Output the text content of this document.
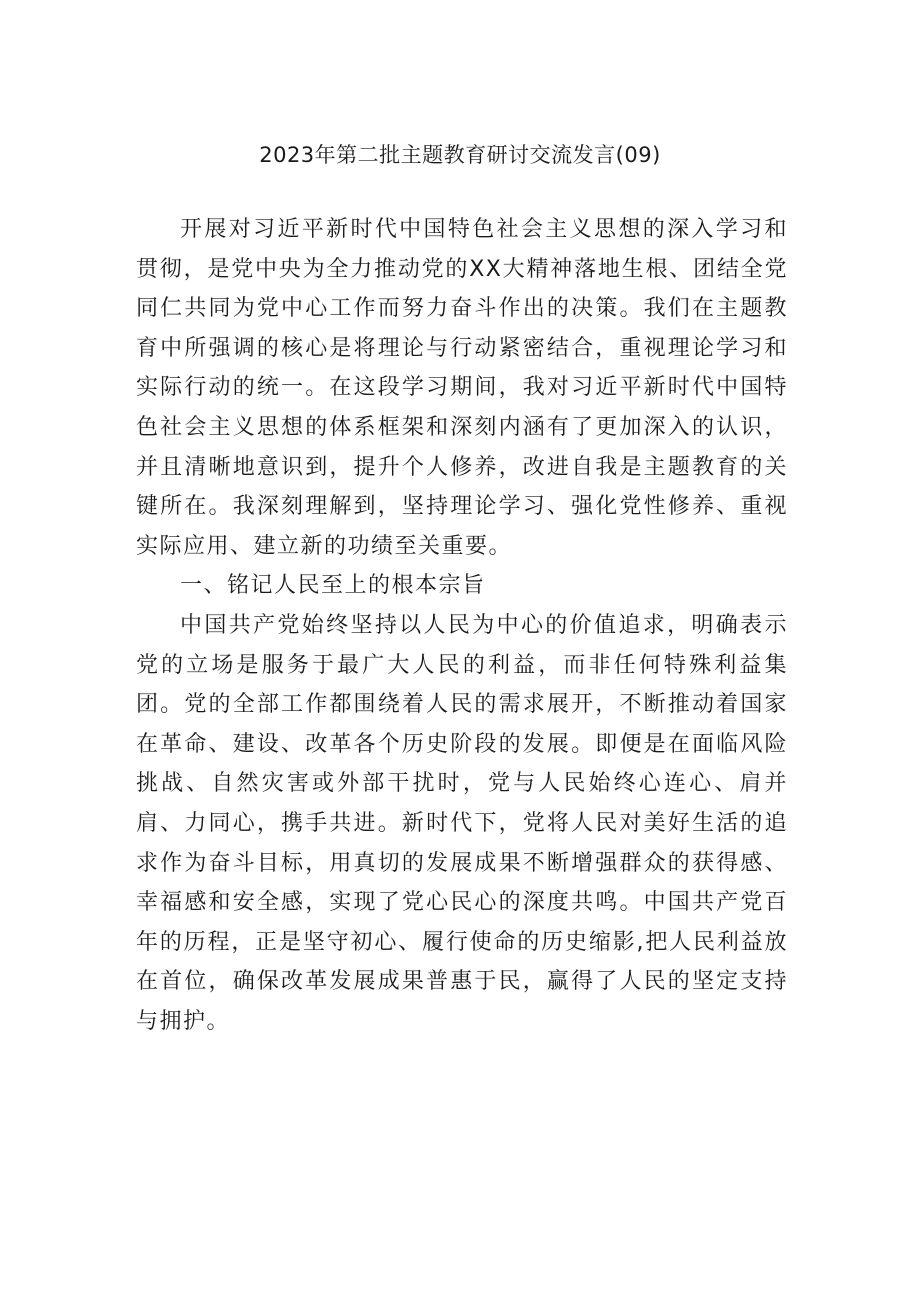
2023年第二批主题教育研讨交流发言(09)

开展对习近平新时代中国特色社会主义思想的深入学习和贯彻，是党中央为全力推动党的XX大精神落地生根、团结全党同仁共同为党中心工作而努力奋斗作出的决策。我们在主题教育中所强调的核心是将理论与行动紧密结合，重视理论学习和实际行动的统一。在这段学习期间，我对习近平新时代中国特色社会主义思想的体系框架和深刻内涵有了更加深入的认识，并且清晰地意识到，提升个人修养，改进自我是主题教育的关键所在。我深刻理解到，坚持理论学习、强化党性修养、重视实际应用、建立新的功绩至关重要。

一、铭记人民至上的根本宗旨

中国共产党始终坚持以人民为中心的价值追求，明确表示党的立场是服务于最广大人民的利益，而非任何特殊利益集团。党的全部工作都围绕着人民的需求展开，不断推动着国家在革命、建设、改革各个历史阶段的发展。即便是在面临风险挑战、自然灾害或外部干扰时，党与人民始终心连心、肩并肩、力同心，携手共进。新时代下，党将人民对美好生活的追求作为奋斗目标，用真切的发展成果不断增强群众的获得感、幸福感和安全感，实现了党心民心的深度共鸣。中国共产党百年的历程，正是坚守初心、履行使命的历史缩影,把人民利益放在首位，确保改革发展成果普惠于民，赢得了人民的坚定支持与拥护。
